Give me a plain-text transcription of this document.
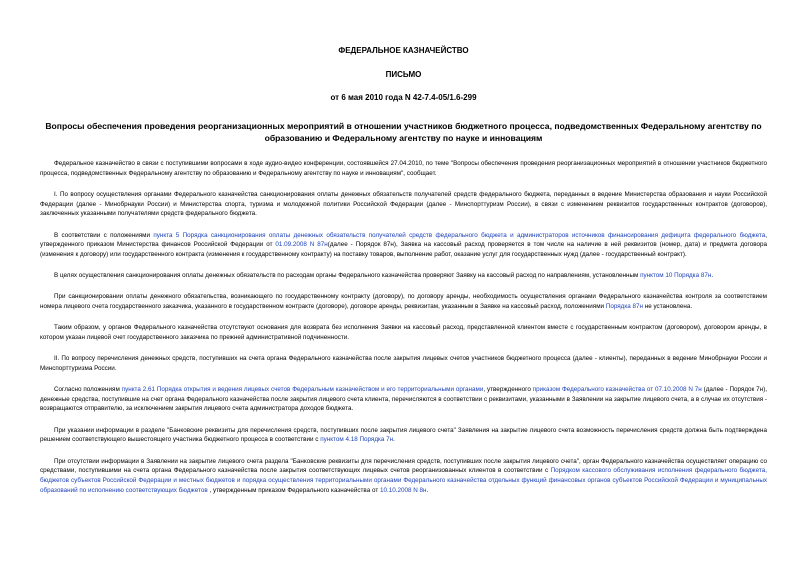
ФЕДЕРАЛЬНОЕ КАЗНАЧЕЙСТВО
ПИСЬМО
от 6 мая 2010 года N 42-7.4-05/1.6-299
Вопросы обеспечения проведения реорганизационных мероприятий в отношении участников бюджетного процесса, подведомственных Федеральному агентству по образованию и Федеральному агентству по науке и инновациям

Федеральное казначейство в связи с поступившими вопросами в ходе аудио-видео конференции, состоявшейся 27.04.2010, по теме "Вопросы обеспечения проведения реорганизационных мероприятий в отношении участников бюджетного процесса, подведомственных Федеральному агентству по образованию и Федеральному агентству по науке и инновациям", сообщает.

I. По вопросу осуществления органами Федерального казначейства санкционирования оплаты денежных обязательств получателей средств федерального бюджета, переданных в ведение Министерства образования и науки Российской Федерации (далее - Минобрнауки России) и Министерства спорта, туризма и молодежной политики Российской Федерации (далее - Минспорттуризм России), в связи с изменением реквизитов государственных контрактов (договоров), заключенных указанными получателями средств федерального бюджета.

В соответствии с положениями пункта 5 Порядка санкционирования оплаты денежных обязательств получателей средств федерального бюджета и администраторов источников финансирования дефицита федерального бюджета, утвержденного приказом Министерства финансов Российской Федерации от 01.09.2008 N 87н(далее - Порядок 87н), Заявка на кассовый расход проверяется в том числе на наличие в ней реквизитов (номер, дата) и предмета договора (изменения к договору) или государственного контракта (изменения к государственному контракту) на поставку товаров, выполнение работ, оказание услуг для государственных нужд (далее - государственный контракт).

В целях осуществления санкционирования оплаты денежных обязательств по расходам органы Федерального казначейства проверяют Заявку на кассовый расход по направлениям, установленным пунктом 10 Порядка 87н.

При санкционировании оплаты денежного обязательства, возникающего по государственному контракту (договору), по договору аренды, необходимость осуществления органами Федерального казначейства контроля за соответствием номера лицевого счета государственного заказчика, указанного в государственном контракте (договоре), договоре аренды, реквизитам, указанным в Заявке на кассовый расход, положениями Порядка 87н не установлена.

Таким образом, у органов Федерального казначейства отсутствуют основания для возврата без исполнения Заявки на кассовый расход, представленной клиентом вместе с государственным контрактом (договором), договором аренды, в котором указан лицевой счет государственного заказчика по прежней административной подчиненности.

II. По вопросу перечисления денежных средств, поступивших на счета органа Федерального казначейства после закрытия лицевых счетов участников бюджетного процесса (далее - клиенты), переданных в ведение Минобрнауки России и Минспорттуризма России.

Согласно положениям пункта 2.61 Порядка открытия и ведения лицевых счетов Федеральным казначейством и его территориальными органами, утвержденного приказом Федерального казначейства от 07.10.2008 N 7н (далее - Порядок 7н), денежные средства, поступившие на счет органа Федерального казначейства после закрытия лицевого счета клиента, перечисляются в соответствии с реквизитами, указанными в Заявлении на закрытие лицевого счета, а в случае их отсутствия - возвращаются отправителю, за исключением закрытия лицевого счета администратора доходов бюджета.

При указании информации в разделе "Банковские реквизиты для перечисления средств, поступивших после закрытия лицевого счета" Заявления на закрытие лицевого счета возможность перечисления средств должна быть подтверждена решением соответствующего вышестоящего участника бюджетного процесса в соответствии с пунктом 4.18 Порядка 7н.

При отсутствии информации в Заявлении на закрытие лицевого счета раздела "Банковские реквизиты для перечисления средств, поступивших после закрытия лицевого счета", орган Федерального казначейства осуществляет операцию со средствами, поступившими на счета органа Федерального казначейства после закрытия соответствующих лицевых счетов реорганизованных клиентов в соответствии с Порядком кассового обслуживания исполнения федерального бюджета, бюджетов субъектов Российской Федерации и местных бюджетов и порядка осуществления территориальными органами Федерального казначейства отдельных функций финансовых органов субъектов Российской Федерации и муниципальных образований по исполнению соответствующих бюджетов , утвержденным приказом Федерального казначейства от 10.10.2008 N 8н.
